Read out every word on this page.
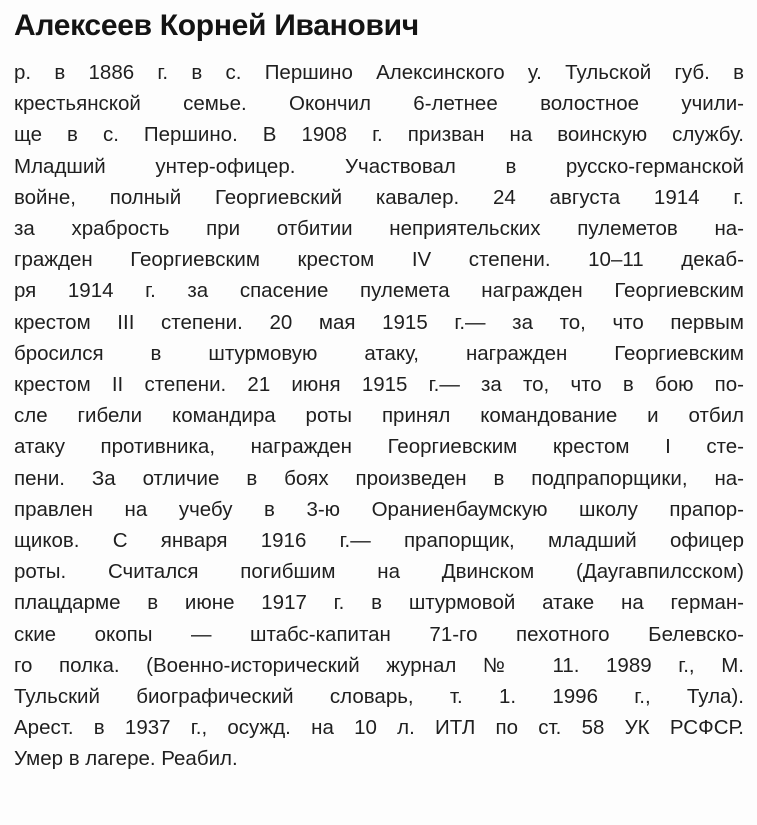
Алексеев Корней Иванович
р. в 1886 г. в с. Першино Алексинского у. Тульской губ. в
крестьянской семье. Окончил 6-летнее волостное учили-
ще в с. Першино. В 1908 г. призван на воинскую службу.
Младший унтер-офицер. Участвовал в русско-германской
войне, полный Георгиевский кавалер. 24 августа 1914 г.
за храбрость при отбитии неприятельских пулеметов на-
гражден Георгиевским крестом IV степени. 10–11 декаб-
ря 1914 г. за спасение пулемета награжден Георгиевским
крестом III степени. 20 мая 1915 г.— за то, что первым
бросился в штурмовую атаку, награжден Георгиевским
крестом II степени. 21 июня 1915 г.— за то, что в бою по-
сле гибели командира роты принял командование и отбил
атаку противника, награжден Георгиевским крестом I сте-
пени. За отличие в боях произведен в подпрапорщики, на-
правлен на учебу в 3-ю Ораниенбаумскую школу прапор-
щиков. С января 1916 г.— прапорщик, младший офицер
роты. Считался погибшим на Двинском (Даугавпилсском)
плацдарме в июне 1917 г. в штурмовой атаке на герман-
ские окопы — штабс-капитан 71-го пехотного Белевско-
го полка. (Военно-исторический журнал № 11. 1989 г., М.
Тульский биографический словарь, т. 1. 1996 г., Тула).
Арест. в 1937 г., осужд. на 10 л. ИТЛ по ст. 58 УК РСФСР.
Умер в лагере. Реабил.
